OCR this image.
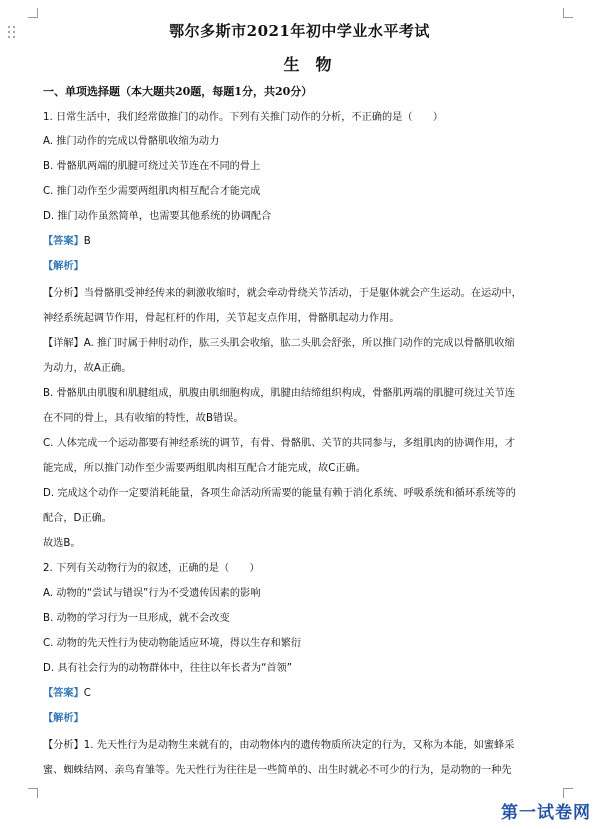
鄂尔多斯市2021年初中学业水平考试
生物
一、单项选择题（本大题共20题，每题1分，共20分）
1. 日常生活中，我们经常做推门的动作。下列有关推门动作的分析，不正确的是（　　）
A. 推门动作的完成以骨骼肌收缩为动力
B. 骨骼肌两端的肌腱可绕过关节连在不同的骨上
C. 推门动作至少需要两组肌肉相互配合才能完成
D. 推门动作虽然简单，也需要其他系统的协调配合
【答案】B
【解析】
【分析】当骨骼肌受神经传来的刺激收缩时，就会牵动骨绕关节活动，于是躯体就会产生运动。在运动中，
神经系统起调节作用，骨起杠杆的作用，关节起支点作用，骨骼肌起动力作用。
【详解】A. 推门时属于伸肘动作，肱三头肌会收缩，肱二头肌会舒张，所以推门动作的完成以骨骼肌收缩
为动力，故A正确。
B. 骨骼肌由肌腹和肌腱组成，肌腹由肌细胞构成，肌腱由结缔组织构成，骨骼肌两端的肌腱可绕过关节连
在不同的骨上，具有收缩的特性，故B错误。
C. 人体完成一个运动都要有神经系统的调节，有骨、骨骼肌、关节的共同参与，多组肌肉的协调作用，才
能完成，所以推门动作至少需要两组肌肉相互配合才能完成，故C正确。
D. 完成这个动作一定要消耗能量，各项生命活动所需要的能量有赖于消化系统、呼吸系统和循环系统等的
配合，D正确。
故选B。
2. 下列有关动物行为的叙述，正确的是（　　）
A. 动物的“尝试与错误”行为不受遗传因素的影响
B. 动物的学习行为一旦形成，就不会改变
C. 动物的先天性行为使动物能适应环境，得以生存和繁衍
D. 具有社会行为的动物群体中，往往以年长者为“首领”
【答案】C
【解析】
【分析】1. 先天性行为是动物生来就有的，由动物体内的遗传物质所决定的行为，又称为本能，如蜜蜂采
蜜、蜘蛛结网、亲鸟育雏等。先天性行为往往是一些简单的、出生时就必不可少的行为，是动物的一种先
第一试卷网
